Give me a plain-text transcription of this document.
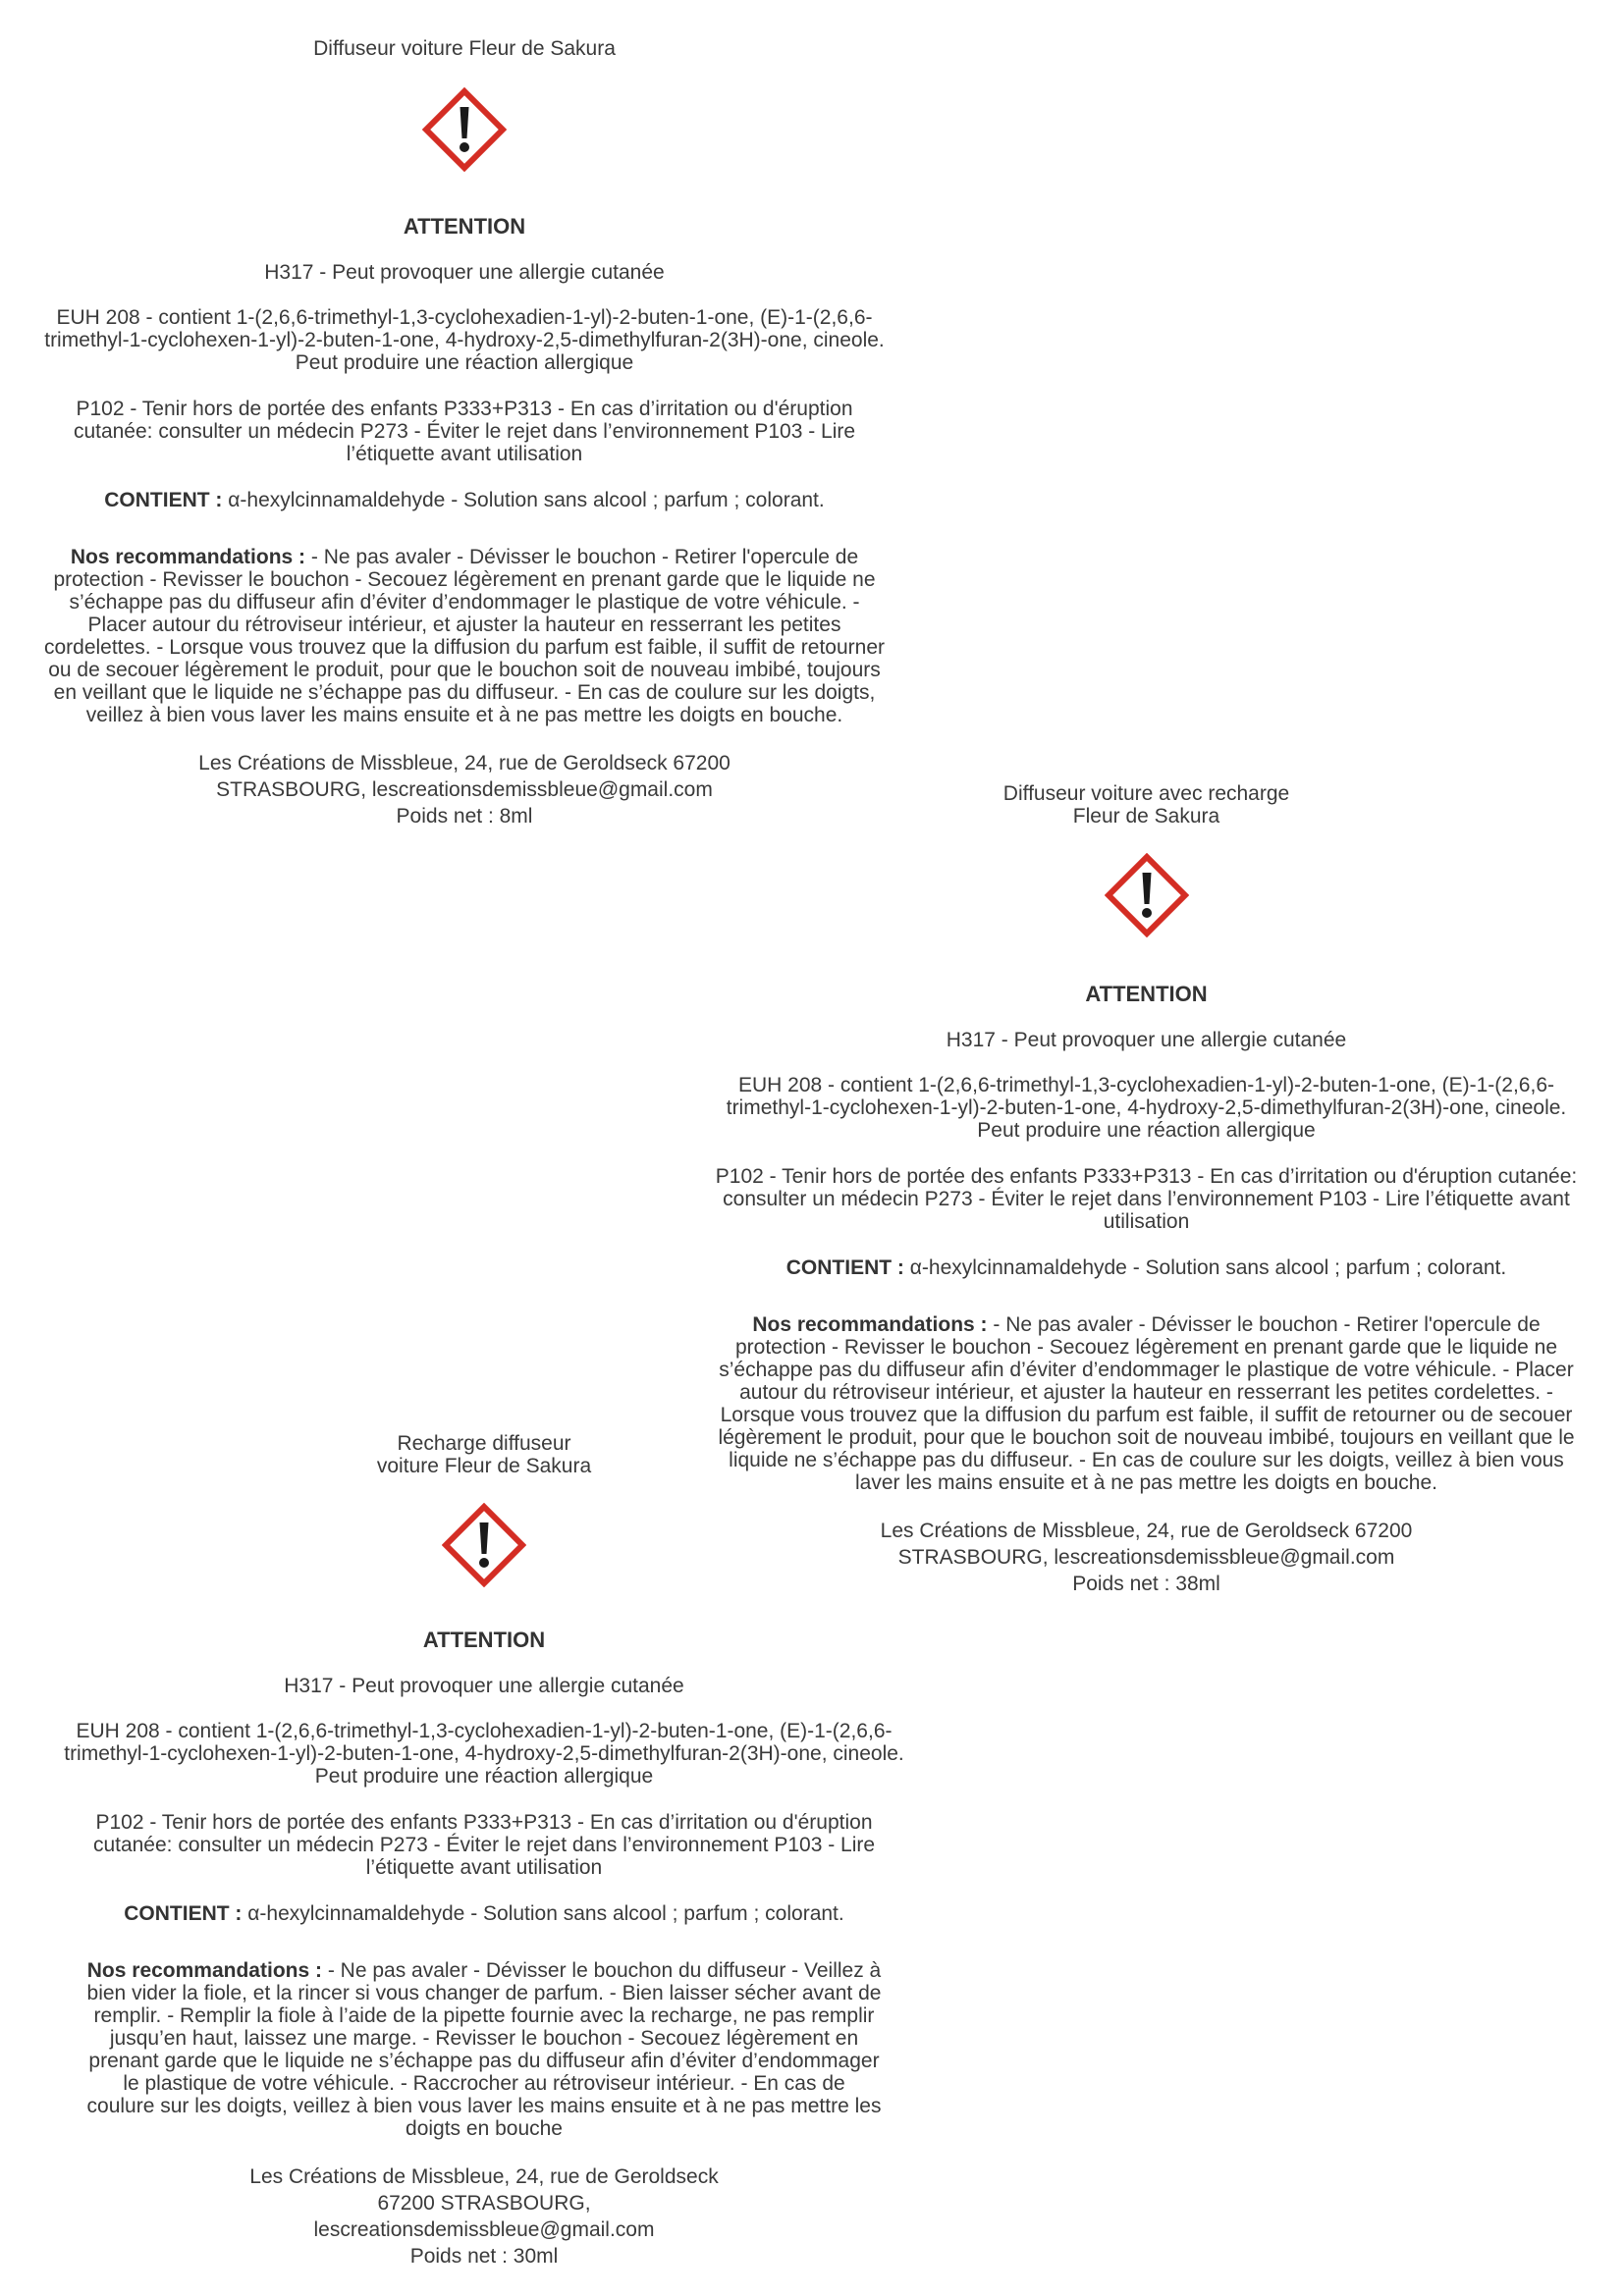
Diffuseur voiture Fleur de Sakura

ATTENTION

H317 - Peut provoquer une allergie cutanée

EUH 208 - contient 1-(2,6,6-trimethyl-1,3-cyclohexadien-1-yl)-2-buten-1-one, (E)-1-(2,6,6-trimethyl-1-cyclohexen-1-yl)-2-buten-1-one, 4-hydroxy-2,5-dimethylfuran-2(3H)-one, cineole. Peut produire une réaction allergique

P102 - Tenir hors de portée des enfants P333+P313 - En cas d’irritation ou d'éruption cutanée: consulter un médecin P273 - Éviter le rejet dans l’environnement P103 - Lire l’étiquette avant utilisation

CONTIENT : α-hexylcinnamaldehyde - Solution sans alcool ; parfum ; colorant.

Nos recommandations : - Ne pas avaler - Dévisser le bouchon - Retirer l'opercule de protection - Revisser le bouchon - Secouez légèrement en prenant garde que le liquide ne s’échappe pas du diffuseur afin d’éviter d’endommager le plastique de votre véhicule. - Placer autour du rétroviseur intérieur, et ajuster la hauteur en resserrant les petites cordelettes. - Lorsque vous trouvez que la diffusion du parfum est faible, il suffit de retourner ou de secouer légèrement le produit, pour que le bouchon soit de nouveau imbibé, toujours en veillant que le liquide ne s’échappe pas du diffuseur. - En cas de coulure sur les doigts, veillez à bien vous laver les mains ensuite et à ne pas mettre les doigts en bouche.

Les Créations de Missbleue, 24, rue de Geroldseck 67200
STRASBOURG, lescreationsdemissbleue@gmail.com
Poids net : 8ml

Diffuseur voiture avec recharge

Fleur de Sakura

ATTENTION

H317 - Peut provoquer une allergie cutanée

EUH 208 - contient 1-(2,6,6-trimethyl-1,3-cyclohexadien-1-yl)-2-buten-1-one, (E)-1-(2,6,6-trimethyl-1-cyclohexen-1-yl)-2-buten-1-one, 4-hydroxy-2,5-dimethylfuran-2(3H)-one, cineole. Peut produire une réaction allergique

P102 - Tenir hors de portée des enfants P333+P313 - En cas d’irritation ou d'éruption cutanée: consulter un médecin P273 - Éviter le rejet dans l’environnement P103 - Lire l’étiquette avant utilisation

CONTIENT : α-hexylcinnamaldehyde - Solution sans alcool ; parfum ; colorant.

Nos recommandations : - Ne pas avaler - Dévisser le bouchon - Retirer l'opercule de protection - Revisser le bouchon - Secouez légèrement en prenant garde que le liquide ne s’échappe pas du diffuseur afin d’éviter d’endommager le plastique de votre véhicule. - Placer autour du rétroviseur intérieur, et ajuster la hauteur en resserrant les petites cordelettes. - Lorsque vous trouvez que la diffusion du parfum est faible, il suffit de retourner ou de secouer légèrement le produit, pour que le bouchon soit de nouveau imbibé, toujours en veillant que le liquide ne s’échappe pas du diffuseur. - En cas de coulure sur les doigts, veillez à bien vous laver les mains ensuite et à ne pas mettre les doigts en bouche.

Les Créations de Missbleue, 24, rue de Geroldseck 67200
STRASBOURG, lescreationsdemissbleue@gmail.com
Poids net : 38ml

Recharge diffuseur

voiture Fleur de Sakura

ATTENTION

H317 - Peut provoquer une allergie cutanée

EUH 208 - contient 1-(2,6,6-trimethyl-1,3-cyclohexadien-1-yl)-2-buten-1-one, (E)-1-(2,6,6-trimethyl-1-cyclohexen-1-yl)-2-buten-1-one, 4-hydroxy-2,5-dimethylfuran-2(3H)-one, cineole. Peut produire une réaction allergique

P102 - Tenir hors de portée des enfants P333+P313 - En cas d’irritation ou d'éruption cutanée: consulter un médecin P273 - Éviter le rejet dans l’environnement P103 - Lire l’étiquette avant utilisation

CONTIENT : α-hexylcinnamaldehyde - Solution sans alcool ; parfum ; colorant.

Nos recommandations : - Ne pas avaler - Dévisser le bouchon du diffuseur - Veillez à bien vider la fiole, et la rincer si vous changer de parfum. - Bien laisser sécher avant de remplir. - Remplir la fiole à l’aide de la pipette fournie avec la recharge, ne pas remplir jusqu’en haut, laissez une marge. - Revisser le bouchon - Secouez légèrement en prenant garde que le liquide ne s’échappe pas du diffuseur afin d’éviter d’endommager le plastique de votre véhicule. - Raccrocher au rétroviseur intérieur. - En cas de coulure sur les doigts, veillez à bien vous laver les mains ensuite et à ne pas mettre les doigts en bouche

Les Créations de Missbleue, 24, rue de Geroldseck
67200 STRASBOURG,
lescreationsdemissbleue@gmail.com
Poids net : 30ml
